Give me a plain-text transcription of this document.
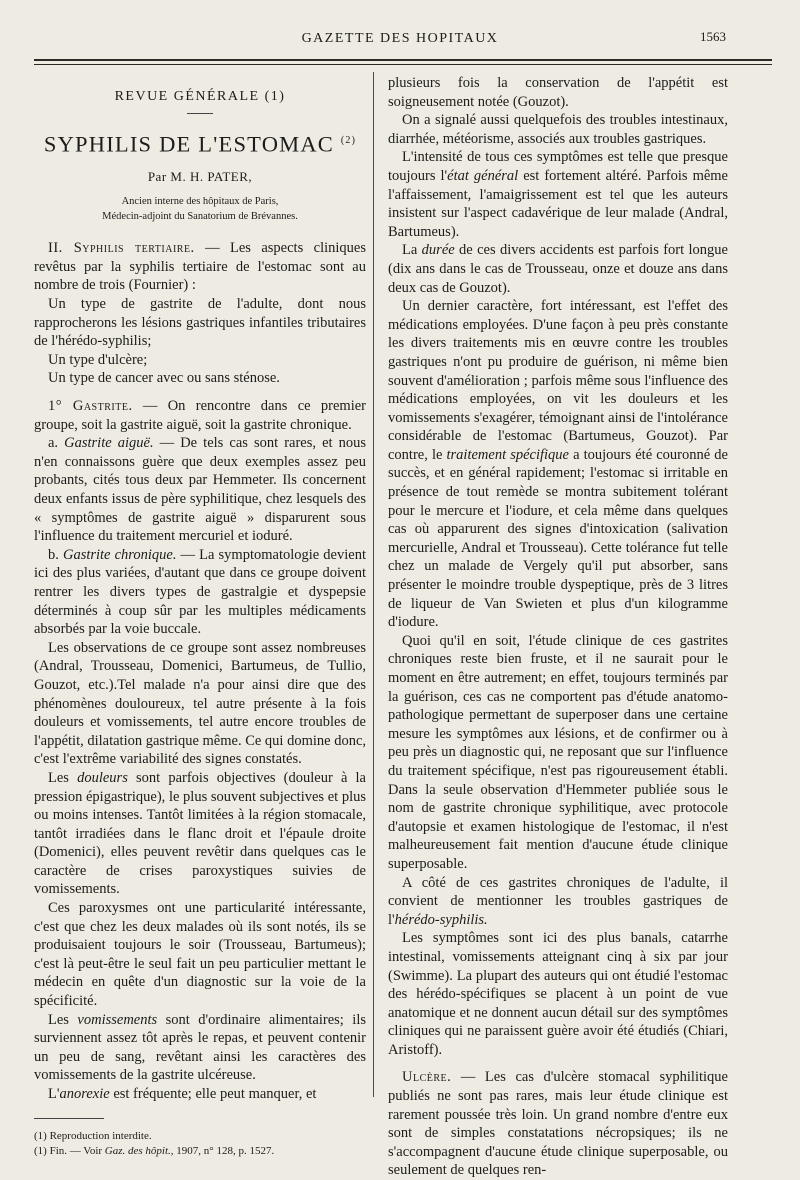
GAZETTE DES HOPITAUX	1563
REVUE GÉNÉRALE (1)
SYPHILIS DE L'ESTOMAC $^{(2)}$
Par M. H. PATER,
Ancien interne des hôpitaux de Paris,
Médecin-adjoint du Sanatorium de Brévannes.

II. Syphilis tertiaire. — Les aspects cliniques revêtus par la syphilis tertiaire de l'estomac sont au nombre de trois (Fournier) :

Un type de gastrite de l'adulte, dont nous rapprocherons les lésions gastriques infantiles tributaires de l'hérédo-syphilis;

Un type d'ulcère;

Un type de cancer avec ou sans sténose.

1° Gastrite. — On rencontre dans ce premier groupe, soit la gastrite aiguë, soit la gastrite chronique.

a. Gastrite aiguë. — De tels cas sont rares, et nous n'en connaissons guère que deux exemples assez peu probants, cités tous deux par Hemmeter. Ils concernent deux enfants issus de père syphilitique, chez lesquels des « symptômes de gastrite aiguë » disparurent sous l'influence du traitement mercuriel et ioduré.

b. Gastrite chronique. — La symptomatologie devient ici des plus variées, d'autant que dans ce groupe doivent rentrer les divers types de gastralgie et dyspepsie déterminés à coup sûr par les multiples médicaments absorbés par la voie buccale.

Les observations de ce groupe sont assez nombreuses (Andral, Trousseau, Domenici, Bartumeus, de Tullio, Gouzot, etc.).Tel malade n'a pour ainsi dire que des phénomènes douloureux, tel autre présente à la fois douleurs et vomissements, tel autre encore troubles de l'appétit, dilatation gastrique même. Ce qui domine donc, c'est l'extrême variabilité des signes constatés.

Les douleurs sont parfois objectives (douleur à la pression épigastrique), le plus souvent subjectives et plus ou moins intenses. Tantôt limitées à la région stomacale, tantôt irradiées dans le flanc droit et l'épaule droite (Domenici), elles peuvent revêtir dans quelques cas le caractère de crises paroxystiques suivies de vomissements.

Ces paroxysmes ont une particularité intéressante, c'est que chez les deux malades où ils sont notés, ils se produisaient toujours le soir (Trousseau, Bartumeus); c'est là peut-être le seul fait un peu particulier mettant le médecin en quête d'un diagnostic sur la voie de la spécificité.

Les vomissements sont d'ordinaire alimentaires; ils surviennent assez tôt après le repas, et peuvent contenir un peu de sang, revêtant ainsi les caractères des vomissements de la gastrite ulcéreuse.

L'anorexie est fréquente; elle peut manquer, et

(1) Reproduction interdite.

(1) Fin. — Voir Gaz. des hôpit., 1907, n° 128, p. 1527.

plusieurs fois la conservation de l'appétit est soigneusement notée (Gouzot).

On a signalé aussi quelquefois des troubles intestinaux, diarrhée, météorisme, associés aux troubles gastriques.

L'intensité de tous ces symptômes est telle que presque toujours l'état général est fortement altéré. Parfois même l'affaissement, l'amaigrissement est tel que les auteurs insistent sur l'aspect cadavérique de leur malade (Andral, Bartumeus).

La durée de ces divers accidents est parfois fort longue (dix ans dans le cas de Trousseau, onze et douze ans dans deux cas de Gouzot).

Un dernier caractère, fort intéressant, est l'effet des médications employées. D'une façon à peu près constante les divers traitements mis en œuvre contre les troubles gastriques n'ont pu produire de guérison, ni même bien souvent d'amélioration ; parfois même sous l'influence des médications employées, on vit les douleurs et les vomissements s'exagérer, témoignant ainsi de l'intolérance considérable de l'estomac (Bartumeus, Gouzot). Par contre, le traitement spécifique a toujours été couronné de succès, et en général rapidement; l'estomac si irritable en présence de tout remède se montra subitement tolérant pour le mercure et l'iodure, et cela même dans quelques cas où apparurent des signes d'intoxication (salivation mercurielle, Andral et Trousseau). Cette tolérance fut telle chez un malade de Vergely qu'il put absorber, sans présenter le moindre trouble dyspeptique, près de 3 litres de liqueur de Van Swieten et plus d'un kilogramme d'iodure.

Quoi qu'il en soit, l'étude clinique de ces gastrites chroniques reste bien fruste, et il ne saurait pour le moment en être autrement; en effet, toujours terminés par la guérison, ces cas ne comportent pas d'étude anatomo-pathologique permettant de superposer dans une certaine mesure les symptômes aux lésions, et de confirmer ou à peu près un diagnostic qui, ne reposant que sur l'influence du traitement spécifique, n'est pas rigoureusement établi. Dans la seule observation d'Hemmeter publiée sous le nom de gastrite chronique syphilitique, avec protocole d'autopsie et examen histologique de l'estomac, il n'est malheureusement fait mention d'aucune étude clinique superposable.

A côté de ces gastrites chroniques de l'adulte, il convient de mentionner les troubles gastriques de l'hérédo-syphilis.

Les symptômes sont ici des plus banals, catarrhe intestinal, vomissements atteignant cinq à six par jour (Swimme). La plupart des auteurs qui ont étudié l'estomac des hérédo-spécifiques se placent à un point de vue anatomique et ne donnent aucun détail sur des symptômes cliniques qui ne paraissent guère avoir été étudiés (Chiari, Aristoff).

Ulcère. — Les cas d'ulcère stomacal syphilitique publiés ne sont pas rares, mais leur étude clinique est rarement poussée très loin. Un grand nombre d'entre eux sont de simples constatations nécropsiques; ils ne s'accompagnent d'aucune étude clinique superposable, ou seulement de quelques ren-
